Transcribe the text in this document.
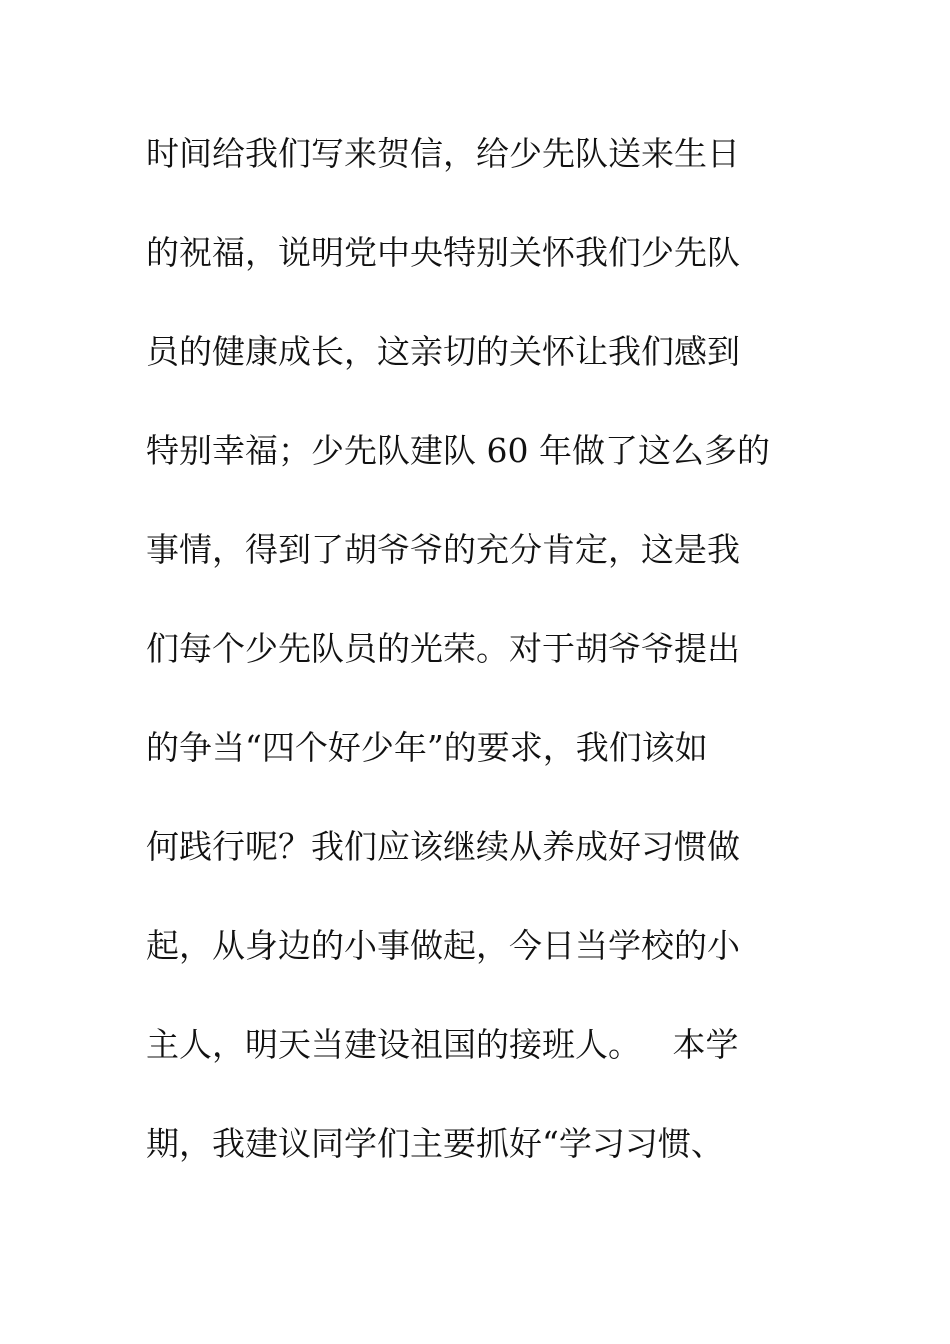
时间给我们写来贺信，给少先队送来生日
的祝福，说明党中央特别关怀我们少先队
员的健康成长，这亲切的关怀让我们感到
特别幸福；少先队建队 60 年做了这么多的
事情，得到了胡爷爷的充分肯定，这是我
们每个少先队员的光荣。对于胡爷爷提出
的争当“四个好少年”的要求，我们该如
何践行呢？我们应该继续从养成好习惯做
起，从身边的小事做起，今日当学校的小
主人，明天当建设祖国的接班人。   本学
期，我建议同学们主要抓好“学习习惯、
